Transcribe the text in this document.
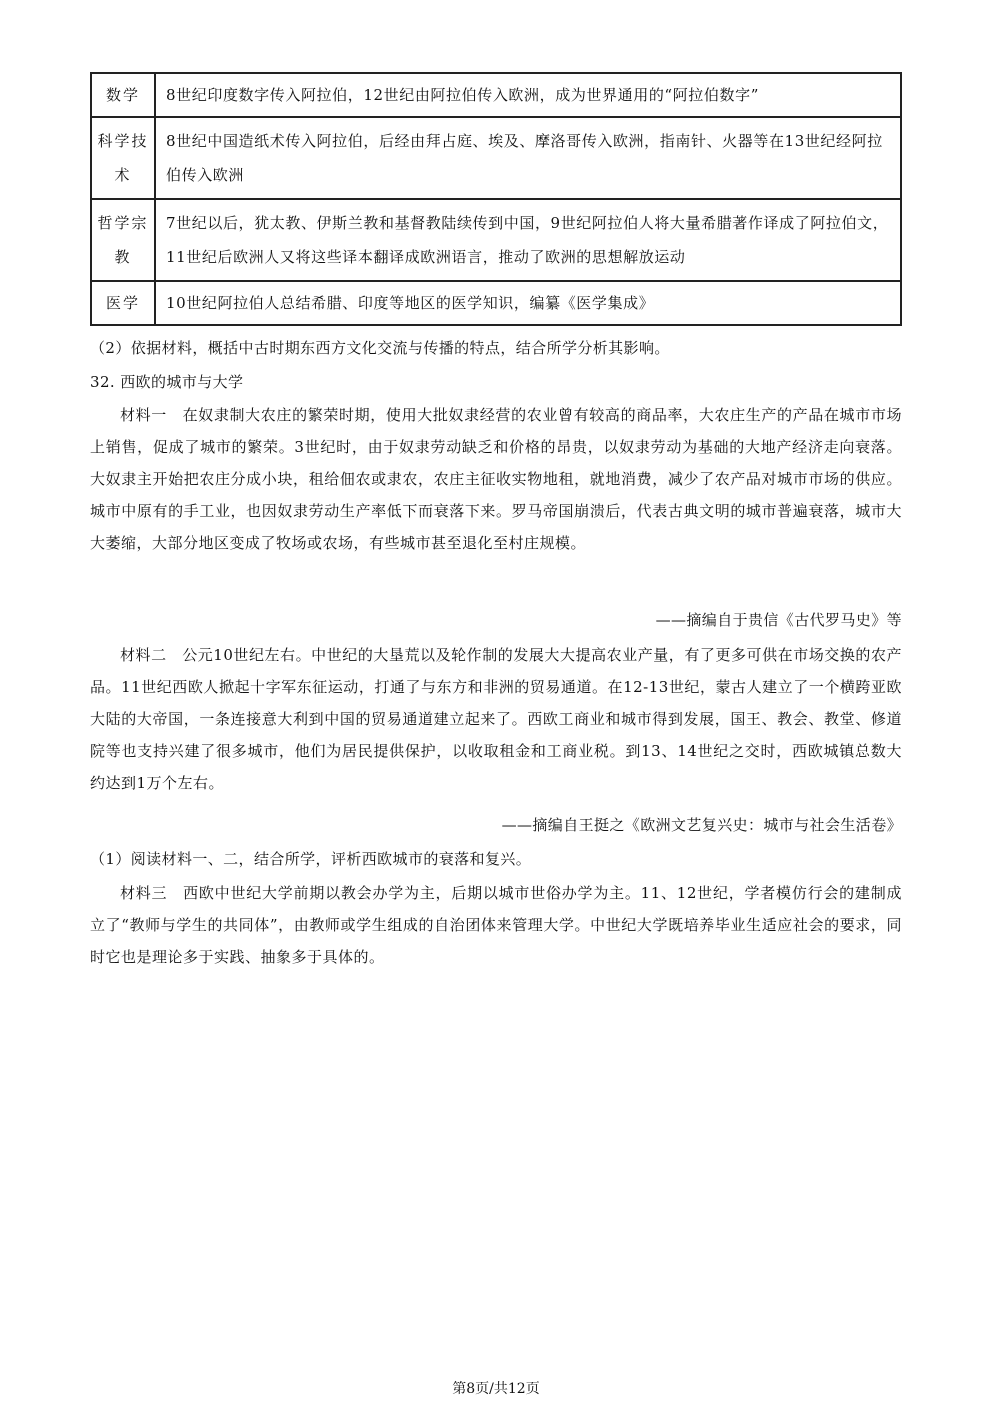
数学	8世纪印度数字传入阿拉伯，12世纪由阿拉伯传入欧洲，成为世界通用的“阿拉伯数字”
科学技术	8世纪中国造纸术传入阿拉伯，后经由拜占庭、埃及、摩洛哥传入欧洲，指南针、火器等在13世纪经阿拉伯传入欧洲
哲学宗教	7世纪以后，犹太教、伊斯兰教和基督教陆续传到中国，9世纪阿拉伯人将大量希腊著作译成了阿拉伯文，11世纪后欧洲人又将这些译本翻译成欧洲语言，推动了欧洲的思想解放运动
医学	10世纪阿拉伯人总结希腊、印度等地区的医学知识，编纂《医学集成》
（2）依据材料，概括中古时期东西方文化交流与传播的特点，结合所学分析其影响。
32. 西欧的城市与大学

材料一　在奴隶制大农庄的繁荣时期，使用大批奴隶经营的农业曾有较高的商品率，大农庄生产的产品在城市市场上销售，促成了城市的繁荣。3世纪时，由于奴隶劳动缺乏和价格的昂贵，以奴隶劳动为基础的大地产经济走向衰落。大奴隶主开始把农庄分成小块，租给佃农或隶农，农庄主征收实物地租，就地消费，减少了农产品对城市市场的供应。城市中原有的手工业，也因奴隶劳动生产率低下而衰落下来。罗马帝国崩溃后，代表古典文明的城市普遍衰落，城市大大萎缩，大部分地区变成了牧场或农场，有些城市甚至退化至村庄规模。

——摘编自于贵信《古代罗马史》等

材料二　公元10世纪左右。中世纪的大垦荒以及轮作制的发展大大提高农业产量，有了更多可供在市场交换的农产品。11世纪西欧人掀起十字军东征运动，打通了与东方和非洲的贸易通道。在12-13世纪，蒙古人建立了一个横跨亚欧大陆的大帝国，一条连接意大利到中国的贸易通道建立起来了。西欧工商业和城市得到发展，国王、教会、教堂、修道院等也支持兴建了很多城市，他们为居民提供保护，以收取租金和工商业税。到13、14世纪之交时，西欧城镇总数大约达到1万个左右。

——摘编自王挺之《欧洲文艺复兴史：城市与社会生活卷》
（1）阅读材料一、二，结合所学，评析西欧城市的衰落和复兴。

材料三　西欧中世纪大学前期以教会办学为主，后期以城市世俗办学为主。11、12世纪，学者模仿行会的建制成立了“教师与学生的共同体”，由教师或学生组成的自治团体来管理大学。中世纪大学既培养毕业生适应社会的要求，同时它也是理论多于实践、抽象多于具体的。

第8页/共12页
